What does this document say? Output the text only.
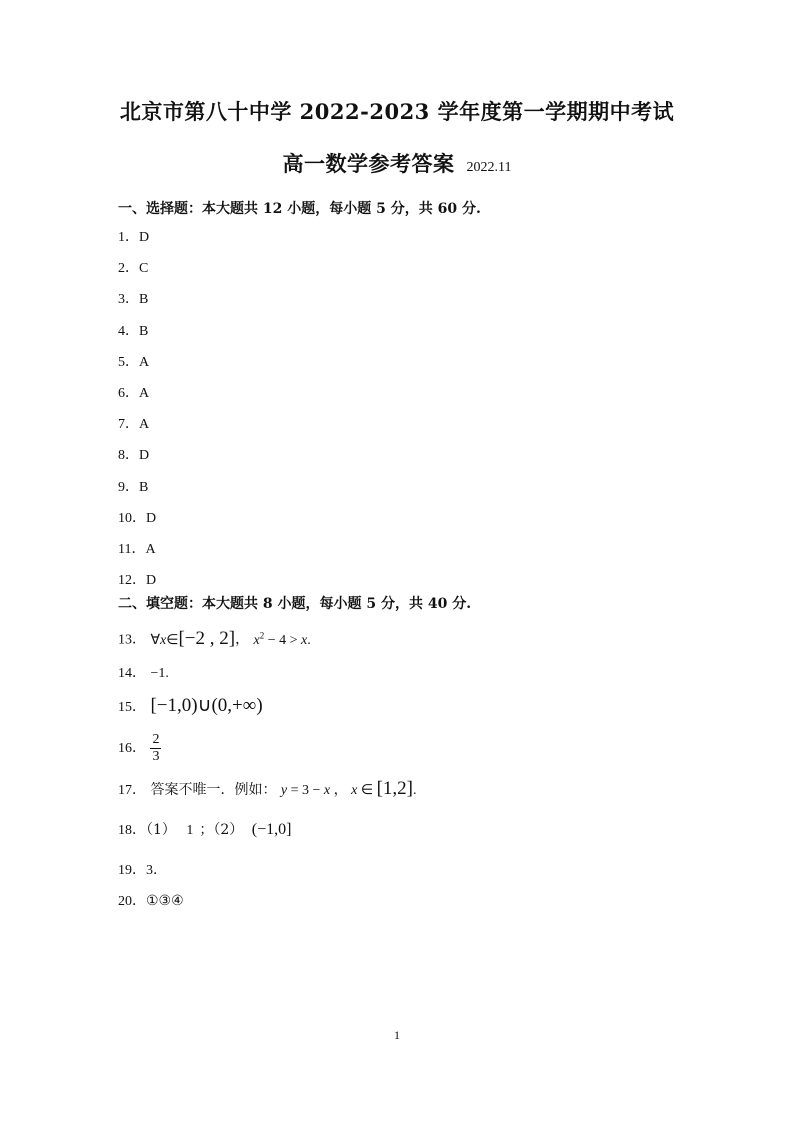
北京市第八十中学 2022-2023 学年度第一学期期中考试
高一数学参考答案 2022.11
一、选择题：本大题共 12 小题，每小题 5 分，共 60 分.
1．D
2．C
3．B
4．B
5．A
6．A
7．A
8．D
9．B
10．D
11．A
12．D
二、填空题：本大题共 8 小题，每小题 5 分，共 40 分.
13． ∀x∈[−2 , 2]， $x^2 - 4 > x$.
14． −1.
15． [−1,0)∪(0,+∞)
16． $\frac{2}{3}$
17． 答案不唯一．例如： y = 3 − x ， x ∈ [1,2].
18．（1） 1 ；（2） (−1,0]
19．3.
20．①③④
1
